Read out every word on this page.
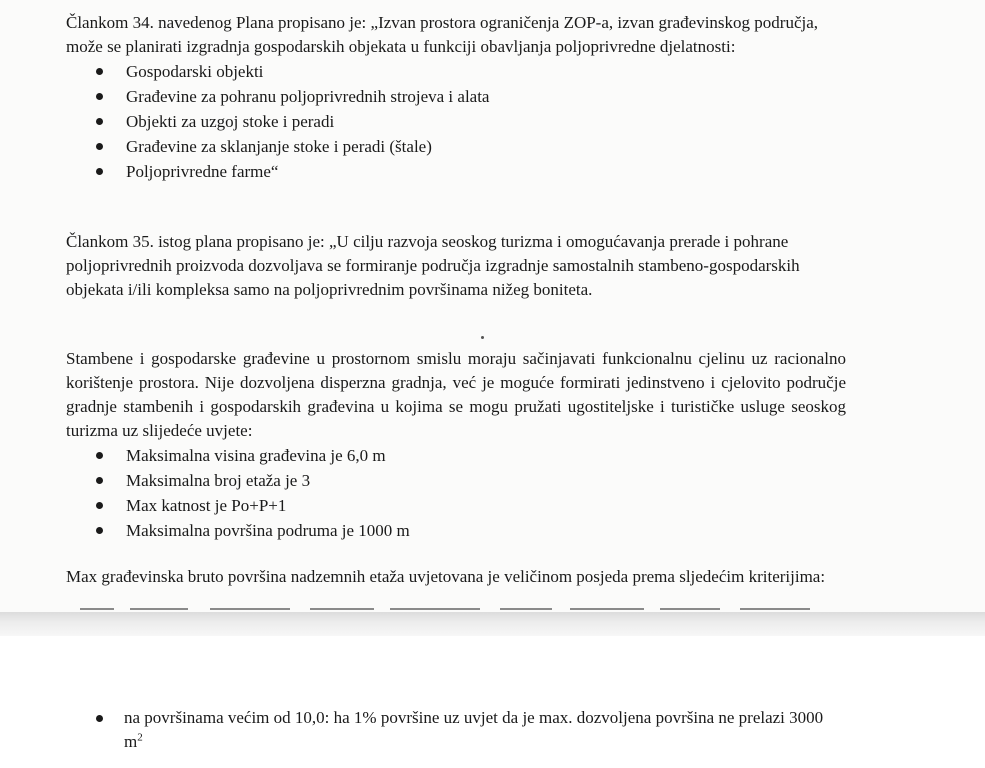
Člankom 34. navedenog Plana propisano je: „Izvan prostora ograničenja ZOP-a, izvan građevinskog područja, može se planirati izgradnja gospodarskih objekata u funkciji obavljanja poljoprivredne djelatnosti:

Gospodarski objekti
Građevine za pohranu poljoprivrednih strojeva i alata
Objekti za uzgoj stoke i peradi
Građevine za sklanjanje stoke i peradi (štale)
Poljoprivredne farme“

Člankom 35. istog plana propisano je: „U cilju razvoja seoskog turizma i omogućavanja prerade i pohrane poljoprivrednih proizvoda dozvoljava se formiranje područja izgradnje samostalnih stambeno-gospodarskih objekata i/ili kompleksa samo na poljoprivrednim površinama nižeg boniteta.

Stambene i gospodarske građevine u prostornom smislu moraju sačinjavati funkcionalnu cjelinu uz racionalno korištenje prostora. Nije dozvoljena disperzna gradnja, već je moguće formirati jedinstveno i cjelovito područje gradnje stambenih i gospodarskih građevina u kojima se mogu pružati ugostiteljske i turističke usluge seoskog turizma uz slijedeće uvjete:

Maksimalna visina građevina je 6,0 m
Maksimalna broj etaža je 3
Max katnost je Po+P+1
Maksimalna površina podruma je 1000 m

Max građevinska bruto površina nadzemnih etaža uvjetovana je veličinom posjeda prema sljedećim kriterijima:

na površinama većim od 10,0: ha 1% površine uz uvjet da je max. dozvoljena površina ne prelazi 3000 $m^2$
